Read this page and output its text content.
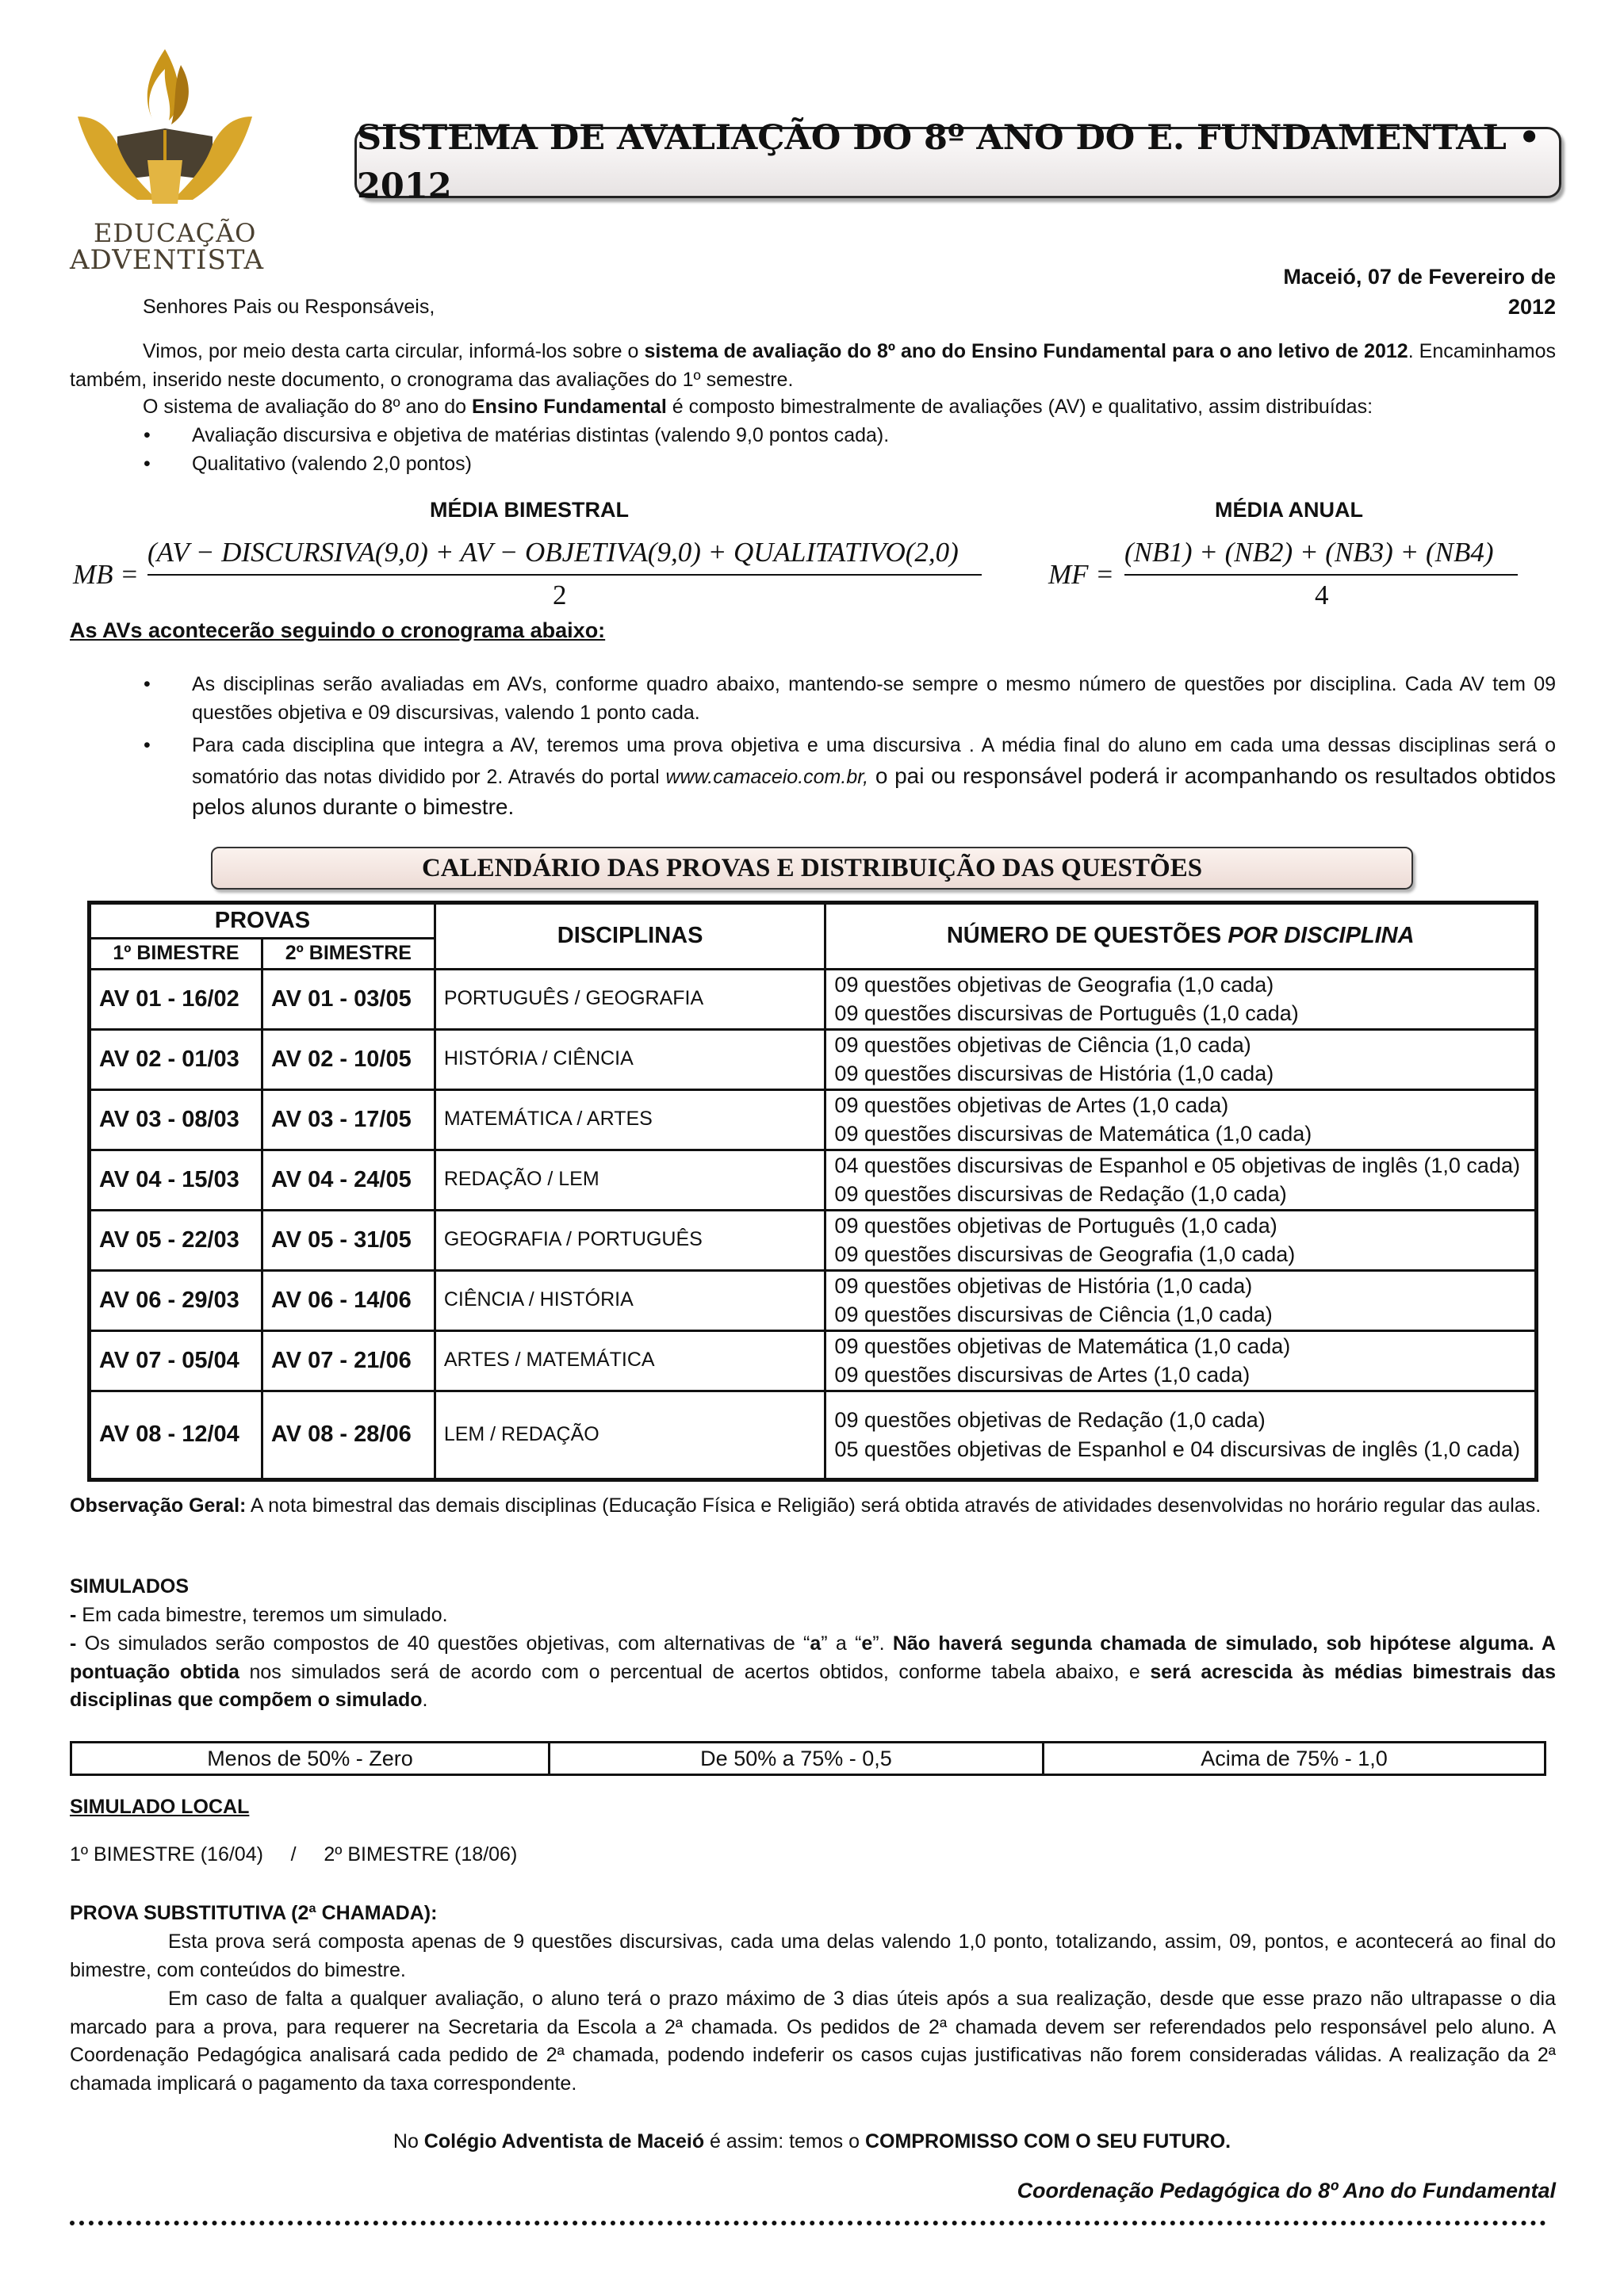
EDUCAÇÃO
ADVENTISTA
SISTEMA DE AVALIAÇÃO DO 8º ANO DO E. FUNDAMENTAL • 2012
Maceió, 07 de Fevereiro de 2012
Senhores Pais ou Responsáveis,
Vimos, por meio desta carta circular, informá-los sobre o sistema de avaliação do 8º ano do Ensino Fundamental para o ano letivo de 2012. Encaminhamos também, inserido neste documento, o cronograma das avaliações do 1º semestre.
O sistema de avaliação do 8º ano do Ensino Fundamental é composto bimestralmente de avaliações (AV) e qualitativo, assim distribuídas:
• Avaliação discursiva e objetiva de matérias distintas (valendo 9,0 pontos cada).
• Qualitativo (valendo 2,0 pontos)
MÉDIA BIMESTRAL	MÉDIA ANUAL
MB =
(AV − DISCURSIVA(9,0) + AV − OBJETIVA(9,0) + QUALITATIVO(2,0)
2
MF =
(NB1) + (NB2) + (NB3) + (NB4)
4
As AVs acontecerão seguindo o cronograma abaixo:
• As disciplinas serão avaliadas em AVs, conforme quadro abaixo, mantendo-se sempre o mesmo número de questões por disciplina. Cada AV tem 09 questões objetiva e 09 discursivas, valendo 1 ponto cada.
• Para cada disciplina que integra a AV, teremos uma prova objetiva e uma discursiva . A média final do aluno em cada uma dessas disciplinas será o somatório das notas dividido por 2. Através do portal www.camaceio.com.br, o pai ou responsável poderá ir acompanhando os resultados obtidos pelos alunos durante o bimestre.
CALENDÁRIO DAS PROVAS E DISTRIBUIÇÃO DAS QUESTÕES
PROVAS		DISCIPLINAS	NÚMERO DE QUESTÕES POR DISCIPLINA
1º BIMESTRE	2º BIMESTRE		
AV 01 - 16/02	AV 01 - 03/05	PORTUGUÊS / GEOGRAFIA	09 questões objetivas de Geografia (1,0 cada)
09 questões discursivas de Português (1,0 cada)

AV 02 - 01/03	AV 02 - 10/05	HISTÓRIA / CIÊNCIA	09 questões objetivas de Ciência (1,0 cada)
09 questões discursivas de História (1,0 cada)

AV 03 - 08/03	AV 03 - 17/05	MATEMÁTICA / ARTES	09 questões objetivas de Artes (1,0 cada)
09 questões discursivas de Matemática (1,0 cada)

AV 04 - 15/03	AV 04 - 24/05	REDAÇÃO / LEM	04 questões discursivas de Espanhol e 05 objetivas de inglês (1,0 cada)
09 questões discursivas de Redação (1,0 cada)

AV 05 - 22/03	AV 05 - 31/05	GEOGRAFIA / PORTUGUÊS	09 questões objetivas de Português (1,0 cada)
09 questões discursivas de Geografia (1,0 cada)

AV 06 - 29/03	AV 06 - 14/06	CIÊNCIA / HISTÓRIA	09 questões objetivas de História (1,0 cada)
09 questões discursivas de Ciência (1,0 cada)

AV 07 - 05/04	AV 07 - 21/06	ARTES / MATEMÁTICA	09 questões objetivas de Matemática (1,0 cada)
09 questões discursivas de Artes (1,0 cada)

AV 08 - 12/04	AV 08 - 28/06	LEM / REDAÇÃO	09 questões objetivas de Redação (1,0 cada)
05 questões objetivas de Espanhol e 04 discursivas de inglês (1,0 cada)
Observação Geral: A nota bimestral das demais disciplinas (Educação Física e Religião) será obtida através de atividades desenvolvidas no horário regular das aulas.
SIMULADOS
- Em cada bimestre, teremos um simulado.
- Os simulados serão compostos de 40 questões objetivas, com alternativas de “a” a “e”. Não haverá segunda chamada de simulado, sob hipótese alguma. A pontuação obtida nos simulados será de acordo com o percentual de acertos obtidos, conforme tabela abaixo, e será acrescida às médias bimestrais das disciplinas que compõem o simulado.
Menos de 50% - Zero	De 50% a 75% - 0,5	Acima de 75% - 1,0
SIMULADO LOCAL
1º BIMESTRE (16/04)     /     2º BIMESTRE (18/06)
PROVA SUBSTITUTIVA (2ª CHAMADA):
Esta prova será composta apenas de 9 questões discursivas, cada uma delas valendo 1,0 ponto, totalizando, assim, 09, pontos, e acontecerá ao final do bimestre, com conteúdos do bimestre.
Em caso de falta a qualquer avaliação, o aluno terá o prazo máximo de 3 dias úteis após a sua realização, desde que esse prazo não ultrapasse o dia marcado para a prova, para requerer na Secretaria da Escola a 2ª chamada. Os pedidos de 2ª chamada devem ser referendados pelo responsável pelo aluno. A Coordenação Pedagógica analisará cada pedido de 2ª chamada, podendo indeferir os casos cujas justificativas não forem consideradas válidas. A realização da 2ª chamada implicará o pagamento da taxa correspondente.
No Colégio Adventista de Maceió é assim: temos o COMPROMISSO COM O SEU FUTURO.
Coordenação Pedagógica do 8º Ano do Fundamental
